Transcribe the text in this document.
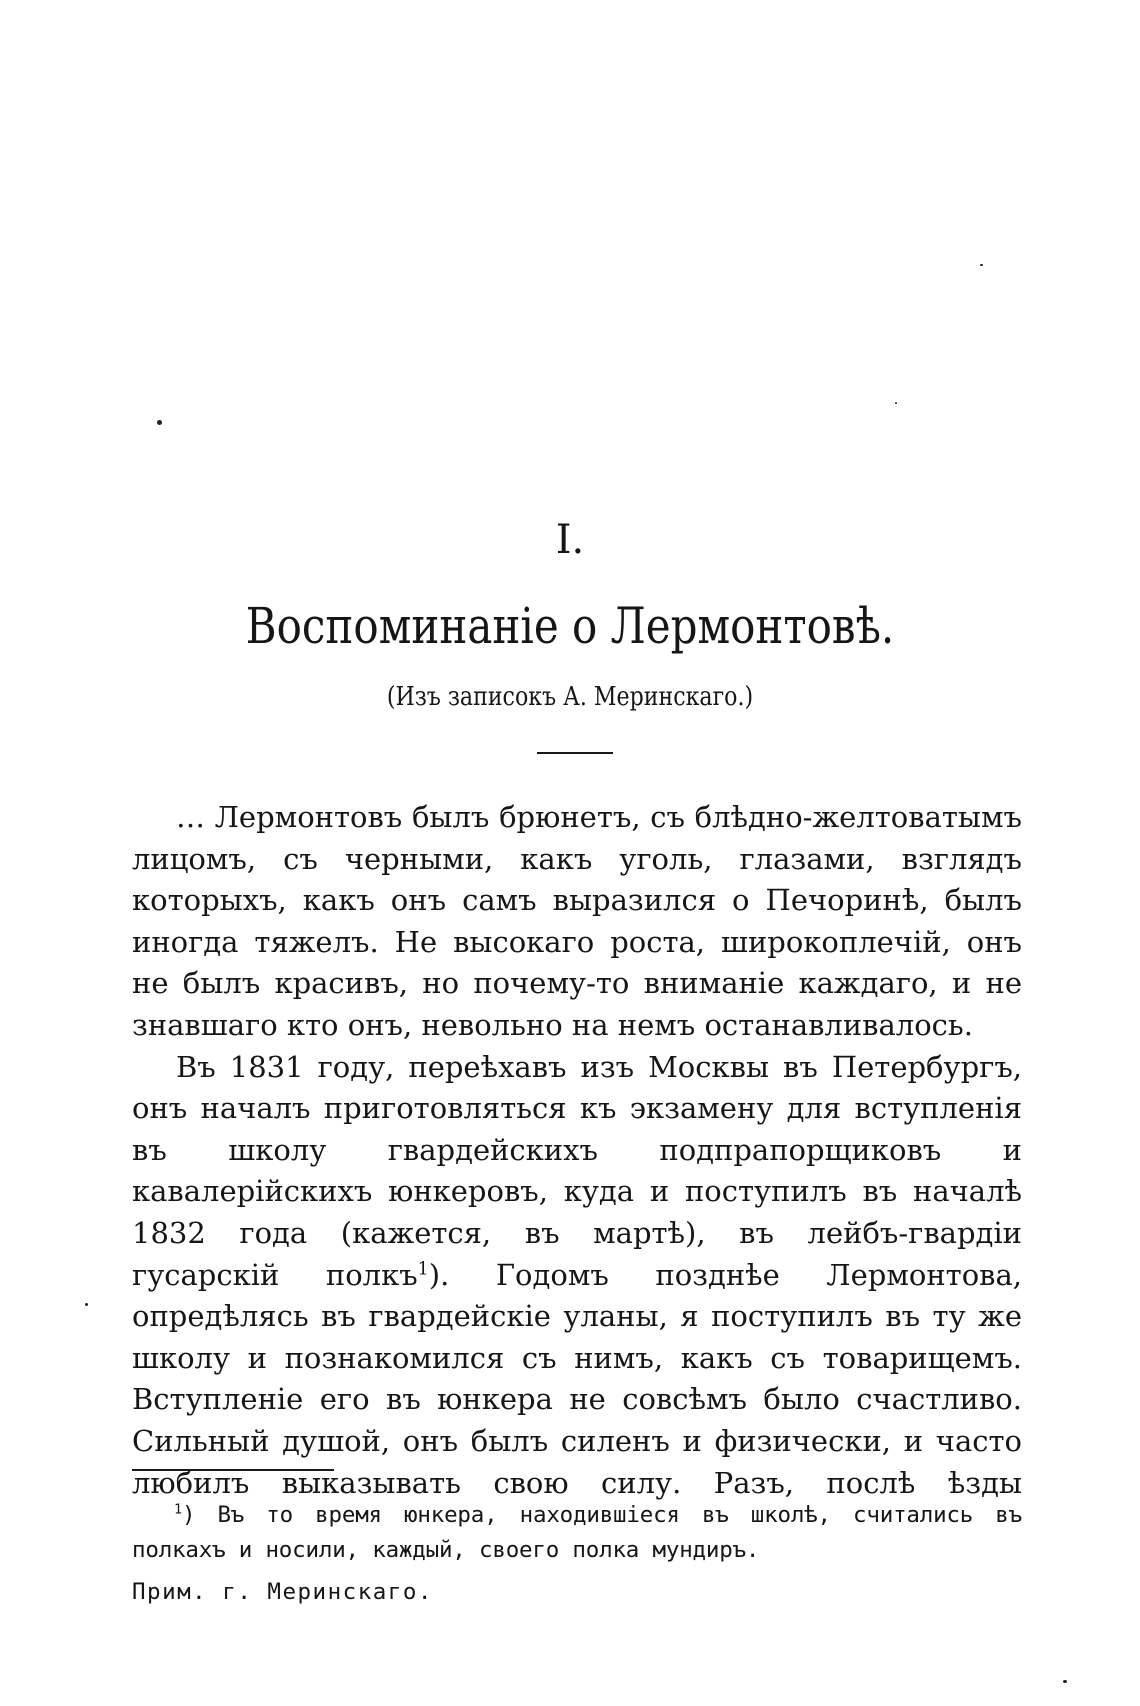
I.
Воспоминаніе о Лермонтовѣ.
(Изъ записокъ А. Меринскаго.)

… Лермонтовъ былъ брюнетъ, съ блѣдно-желтоватымъ лицомъ, съ черными, какъ уголь, глазами, взглядъ которыхъ, какъ онъ самъ выразился о Печоринѣ, былъ иногда тяжелъ. Не высокаго роста, широкоплечій, онъ не былъ красивъ, но почему-то вниманіе каждаго, и не знавшаго кто онъ, невольно на немъ останавливалось.

Въ 1831 году, переѣхавъ изъ Москвы въ Петербургъ, онъ началъ приготовляться къ экзамену для вступленія въ школу гвардейскихъ подпрапорщиковъ и кавалерійскихъ юнкеровъ, куда и поступилъ въ началѣ 1832 года (кажется, въ мартѣ), въ лейбъ-гвардіи гусарскій полкъ$^1$). Годомъ позднѣе Лермонтова, опредѣлясь въ гвардейскіе уланы, я поступилъ въ ту же школу и познакомился съ нимъ, какъ съ товарищемъ. Вступленіе его въ юнкера не совсѣмъ было счастливо. Сильный душой, онъ былъ силенъ и физически, и часто любилъ выказывать свою силу. Разъ, послѣ ѣзды

$^1$) Въ то время юнкера, находившіеся въ школѣ, считались въ полкахъ и носили, каждый, своего полка мундиръ.

Прим. г. Меринскаго.
